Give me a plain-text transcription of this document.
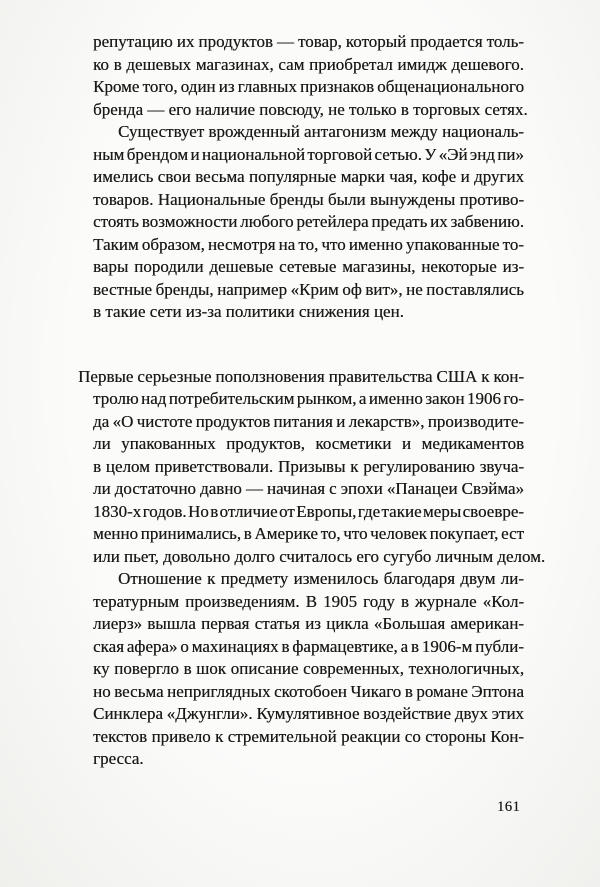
репутацию их продуктов — товар, который продается толь-
ко в дешевых магазинах, сам приобретал имидж дешевого.
Кроме того, один из главных признаков общенационального
бренда — его наличие повсюду, не только в торговых сетях.
Существует врожденный антагонизм между националь-
ным брендом и национальной торговой сетью. У «Эй энд пи»
имелись свои весьма популярные марки чая, кофе и других
товаров. Национальные бренды были вынуждены противо-
стоять возможности любого ретейлера предать их забвению.
Таким образом, несмотря на то, что именно упакованные то-
вары породили дешевые сетевые магазины, некоторые из-
вестные бренды, например «Крим оф вит», не поставлялись
в такие сети из-за политики снижения цен.
Первые серьезные поползновения правительства США к кон-
тролю над потребительским рынком, а именно закон 1906 го-
да «О чистоте продуктов питания и лекарств», производите-
ли упакованных продуктов, косметики и медикаментов
в целом приветствовали. Призывы к регулированию звуча-
ли достаточно давно — начиная с эпохи «Панацеи Свэйма»
1830-х годов. Но в отличие от Европы, где такие меры своевре-
менно принимались, в Америке то, что человек покупает, ест
или пьет, довольно долго считалось его сугубо личным делом.
Отношение к предмету изменилось благодаря двум ли-
тературным произведениям. В 1905 году в журнале «Кол-
лиерз» вышла первая статья из цикла «Большая американ-
ская афера» о махинациях в фармацевтике, а в 1906-м публи-
ку повергло в шок описание современных, технологичных,
но весьма неприглядных скотобоен Чикаго в романе Эптона
Синклера «Джунгли». Кумулятивное воздействие двух этих
текстов привело к стремительной реакции со стороны Кон-
гресса.
161
